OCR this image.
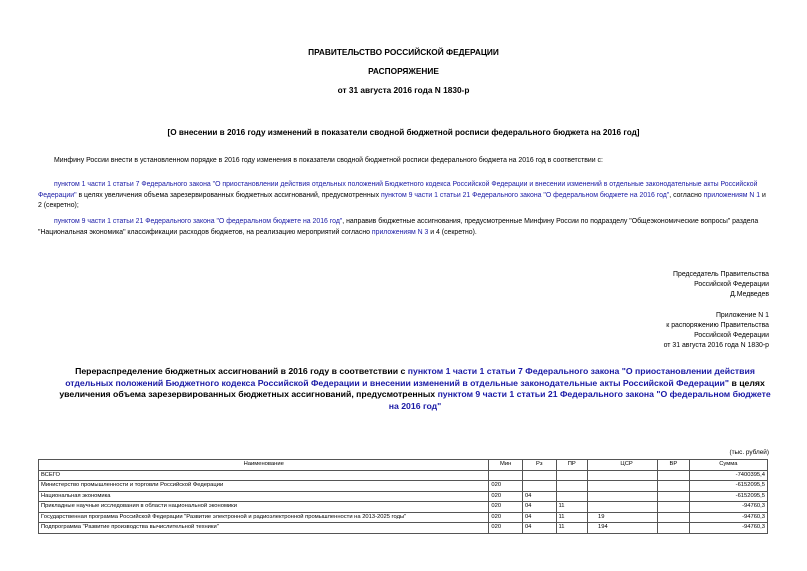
ПРАВИТЕЛЬСТВО РОССИЙСКОЙ ФЕДЕРАЦИИ
РАСПОРЯЖЕНИЕ
от 31 августа 2016 года N 1830-р
[О внесении в 2016 году изменений в показатели сводной бюджетной росписи федерального бюджета на 2016 год]
Минфину России внести в установленном порядке в 2016 году изменения в показатели сводной бюджетной росписи федерального бюджета на 2016 год в соответствии с:
пунктом 1 части 1 статьи 7 Федерального закона "О приостановлении действия отдельных положений Бюджетного кодекса Российской Федерации и внесении изменений в отдельные законодательные акты Российской Федерации" в целях увеличения объема зарезервированных бюджетных ассигнований, предусмотренных пунктом 9 части 1 статьи 21 Федерального закона "О федеральном бюджете на 2016 год", согласно приложениям N 1 и 2 (секретно);
пунктом 9 части 1 статьи 21 Федерального закона "О федеральном бюджете на 2016 год", направив бюджетные ассигнования, предусмотренные Минфину России по подразделу "Общеэкономические вопросы" раздела "Национальная экономика" классификации расходов бюджетов, на реализацию мероприятий согласно приложениям N 3 и 4 (секретно).
Председатель Правительства
Российской Федерации
Д.Медведев
Приложение N 1
к распоряжению Правительства
Российской Федерации
от 31 августа 2016 года N 1830-р
Перераспределение бюджетных ассигнований в 2016 году в соответствии с пунктом 1 части 1 статьи 7 Федерального закона "О приостановлении действия отдельных положений Бюджетного кодекса Российской Федерации и внесении изменений в отдельные законодательные акты Российской Федерации" в целях увеличения объема зарезервированных бюджетных ассигнований, предусмотренных пунктом 9 части 1 статьи 21 Федерального закона "О федеральном бюджете на 2016 год"
(тыс. рублей)
Наименование	Мин	Рз	ПР	ЦСР	ВР	Сумма
ВСЕГО						-7400395,4
Министерство промышленности и торговли Российской Федерации	020					-6152095,5
Национальная экономика	020	04				-6152095,5
Прикладные научные исследования в области национальной экономики	020	04	11			-94760,3
Государственная программа Российской Федерации "Развитие электронной и радиоэлектронной промышленности на 2013-2025 годы"	020	04	11	19		-94760,3
Подпрограмма "Развитие производства вычислительной техники"	020	04	11	194		-94760,3
